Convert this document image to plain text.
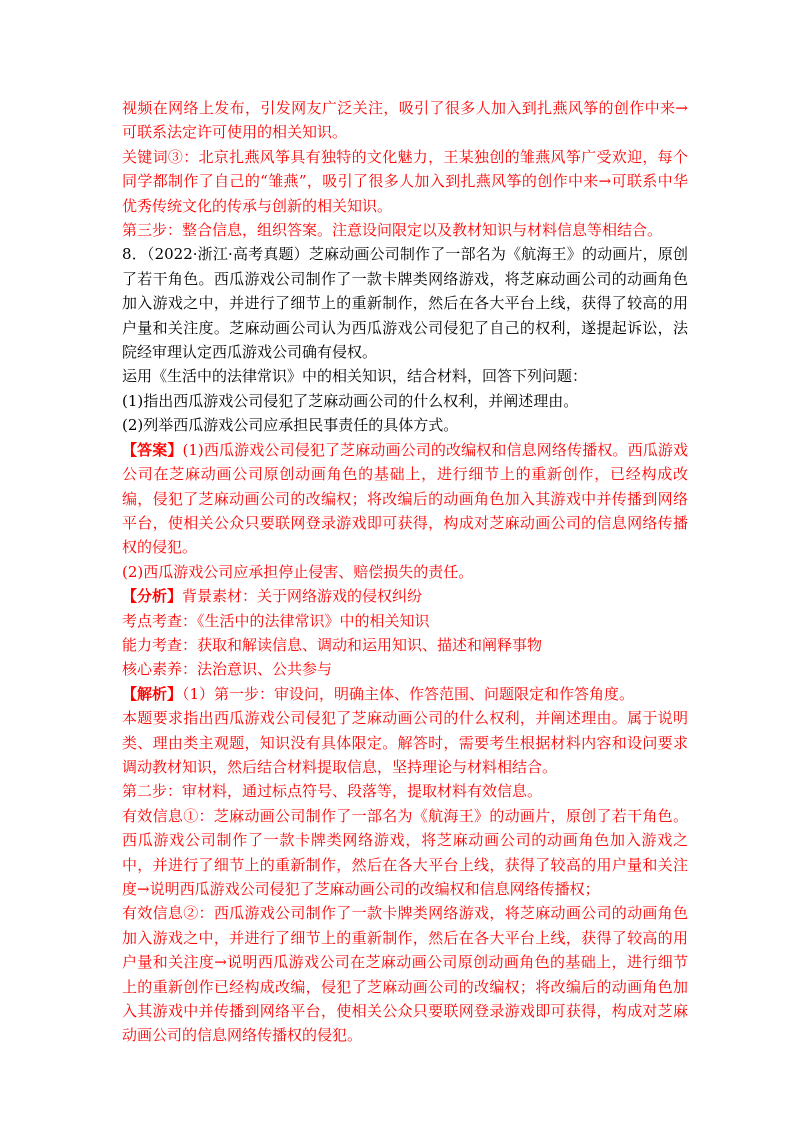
视频在网络上发布，引发网友广泛关注，吸引了很多人加入到扎燕风筝的创作中来→可联系法定许可使用的相关知识。

关键词③：北京扎燕风筝具有独特的文化魅力，王某独创的雏燕风筝广受欢迎，每个同学都制作了自己的“雏燕”，吸引了很多人加入到扎燕风筝的创作中来→可联系中华优秀传统文化的传承与创新的相关知识。

第三步：整合信息，组织答案。注意设问限定以及教材知识与材料信息等相结合。

8．（2022·浙江·高考真题）芝麻动画公司制作了一部名为《航海王》的动画片，原创了若干角色。西瓜游戏公司制作了一款卡牌类网络游戏，将芝麻动画公司的动画角色加入游戏之中，并进行了细节上的重新制作，然后在各大平台上线，获得了较高的用户量和关注度。芝麻动画公司认为西瓜游戏公司侵犯了自己的权利，遂提起诉讼，法院经审理认定西瓜游戏公司确有侵权。

运用《生活中的法律常识》中的相关知识，结合材料，回答下列问题：

(1)指出西瓜游戏公司侵犯了芝麻动画公司的什么权利，并阐述理由。

(2)列举西瓜游戏公司应承担民事责任的具体方式。

【答案】(1)西瓜游戏公司侵犯了芝麻动画公司的改编权和信息网络传播权。西瓜游戏公司在芝麻动画公司原创动画角色的基础上，进行细节上的重新创作，已经构成改编，侵犯了芝麻动画公司的改编权；将改编后的动画角色加入其游戏中并传播到网络平台，使相关公众只要联网登录游戏即可获得，构成对芝麻动画公司的信息网络传播权的侵犯。

(2)西瓜游戏公司应承担停止侵害、赔偿损失的责任。

【分析】背景素材：关于网络游戏的侵权纠纷

考点考查：《生活中的法律常识》中的相关知识

能力考查：获取和解读信息、调动和运用知识、描述和阐释事物

核心素养：法治意识、公共参与

【解析】（1）第一步：审设问，明确主体、作答范围、问题限定和作答角度。

本题要求指出西瓜游戏公司侵犯了芝麻动画公司的什么权利，并阐述理由。属于说明类、理由类主观题，知识没有具体限定。解答时，需要考生根据材料内容和设问要求调动教材知识，然后结合材料提取信息，坚持理论与材料相结合。

第二步：审材料，通过标点符号、段落等，提取材料有效信息。

有效信息①：芝麻动画公司制作了一部名为《航海王》的动画片，原创了若干角色。西瓜游戏公司制作了一款卡牌类网络游戏，将芝麻动画公司的动画角色加入游戏之中，并进行了细节上的重新制作，然后在各大平台上线，获得了较高的用户量和关注度→说明西瓜游戏公司侵犯了芝麻动画公司的改编权和信息网络传播权；

有效信息②：西瓜游戏公司制作了一款卡牌类网络游戏，将芝麻动画公司的动画角色加入游戏之中，并进行了细节上的重新制作，然后在各大平台上线，获得了较高的用户量和关注度→说明西瓜游戏公司在芝麻动画公司原创动画角色的基础上，进行细节上的重新创作已经构成改编，侵犯了芝麻动画公司的改编权；将改编后的动画角色加入其游戏中并传播到网络平台，使相关公众只要联网登录游戏即可获得，构成对芝麻动画公司的信息网络传播权的侵犯。
